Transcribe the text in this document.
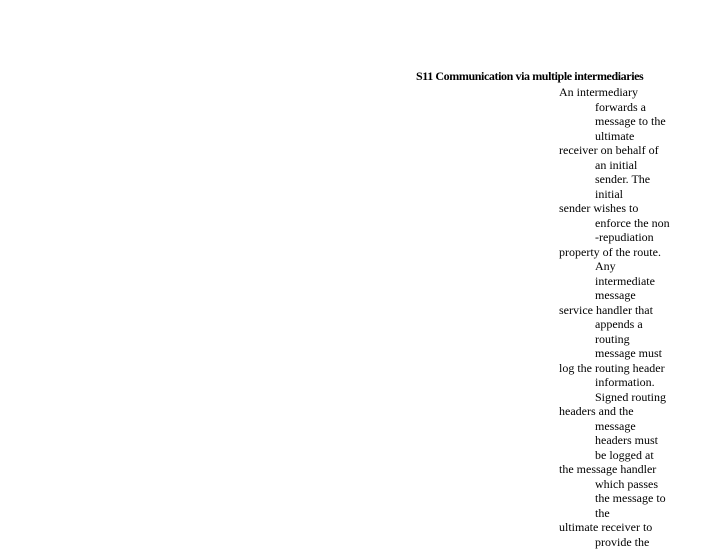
S11 Communication via multiple intermediaries
An intermediary
forwards a
message to the
ultimate
receiver on behalf of
an initial
sender. The
initial
sender wishes to
enforce the non
-repudiation
property of the route.
Any
intermediate
message
service handler that
appends a
routing
message must
log the routing header
information.
Signed routing
headers and the
message
headers must
be logged at
the message handler
which passes
the message to
the
ultimate receiver to
provide the
